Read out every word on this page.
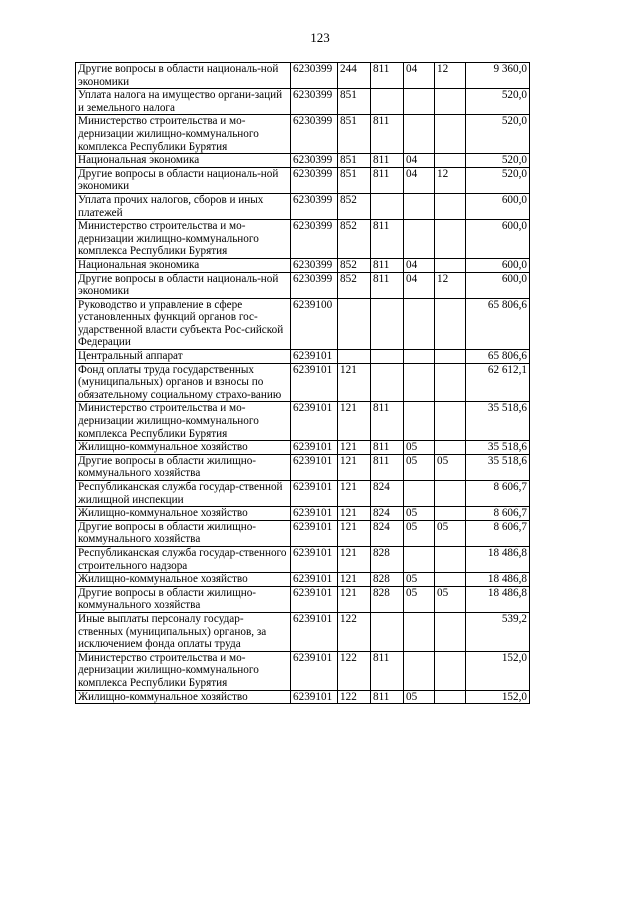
123
Другие вопросы в области националь-ной экономики	6230399	244	811	04	12	9 360,0
Уплата налога на имущество органи-заций и земельного налога	6230399	851				520,0
Министерство строительства и мо-дернизации жилищно-коммунального комплекса Республики Бурятия	6230399	851	811			520,0
Национальная экономика	6230399	851	811	04		520,0
Другие вопросы в области националь-ной экономики	6230399	851	811	04	12	520,0
Уплата прочих налогов, сборов и иных платежей	6230399	852				600,0
Министерство строительства и мо-дернизации жилищно-коммунального комплекса Республики Бурятия	6230399	852	811			600,0
Национальная экономика	6230399	852	811	04		600,0
Другие вопросы в области националь-ной экономики	6230399	852	811	04	12	600,0
Руководство и управление в сфере установленных функций органов гос-ударственной власти субъекта Рос-сийской Федерации	6239100					65 806,6
Центральный аппарат	6239101					65 806,6
Фонд оплаты труда государственных (муниципальных) органов и взносы по обязательному социальному страхо-ванию	6239101	121				62 612,1
Министерство строительства и мо-дернизации жилищно-коммунального комплекса Республики Бурятия	6239101	121	811			35 518,6
Жилищно-коммунальное хозяйство	6239101	121	811	05		35 518,6
Другие вопросы в области жилищно-коммунального хозяйства	6239101	121	811	05	05	35 518,6
Республиканская служба государ-ственной жилищной инспекции	6239101	121	824			8 606,7
Жилищно-коммунальное хозяйство	6239101	121	824	05		8 606,7
Другие вопросы в области жилищно-коммунального хозяйства	6239101	121	824	05	05	8 606,7
Республиканская служба государ-ственного строительного надзора	6239101	121	828			18 486,8
Жилищно-коммунальное хозяйство	6239101	121	828	05		18 486,8
Другие вопросы в области жилищно-коммунального хозяйства	6239101	121	828	05	05	18 486,8
Иные выплаты персоналу государ-ственных (муниципальных) органов, за исключением фонда оплаты труда	6239101	122				539,2
Министерство строительства и мо-дернизации жилищно-коммунального комплекса Республики Бурятия	6239101	122	811			152,0
Жилищно-коммунальное хозяйство	6239101	122	811	05		152,0
